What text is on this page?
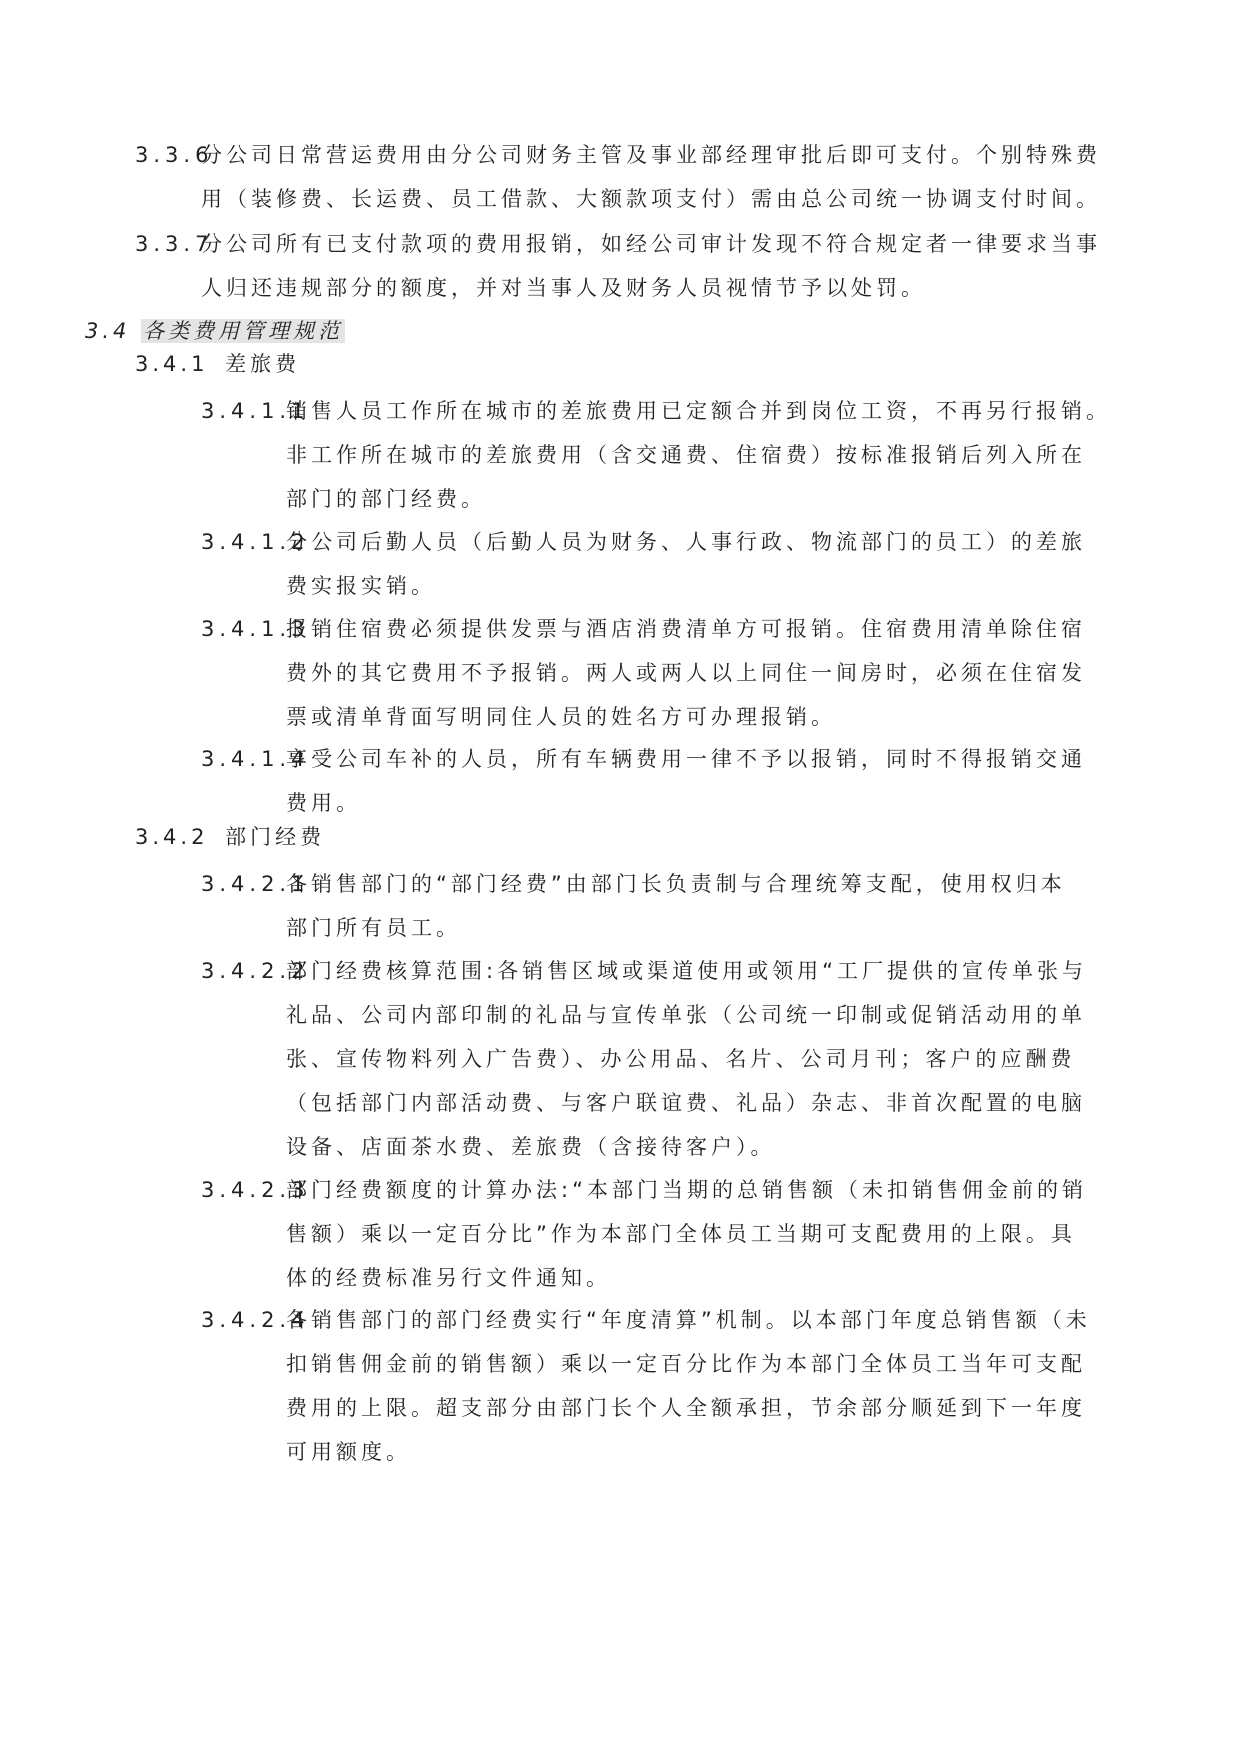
3.3.6
分公司日常营运费用由分公司财务主管及事业部经理审批后即可支付。个别特殊费
用（装修费、长运费、员工借款、大额款项支付）需由总公司统一协调支付时间。
3.3.7
分公司所有已支付款项的费用报销，如经公司审计发现不符合规定者一律要求当事
人归还违规部分的额度，并对当事人及财务人员视情节予以处罚。
3.4 各类费用管理规范
3.4.1 差旅费
3.4.1.1
销售人员工作所在城市的差旅费用已定额合并到岗位工资，不再另行报销。
非工作所在城市的差旅费用（含交通费、住宿费）按标准报销后列入所在
部门的部门经费。
3.4.1.2
分公司后勤人员（后勤人员为财务、人事行政、物流部门的员工）的差旅
费实报实销。
3.4.1.3
报销住宿费必须提供发票与酒店消费清单方可报销。住宿费用清单除住宿
费外的其它费用不予报销。两人或两人以上同住一间房时，必须在住宿发
票或清单背面写明同住人员的姓名方可办理报销。
3.4.1.4
享受公司车补的人员，所有车辆费用一律不予以报销，同时不得报销交通
费用。
3.4.2 部门经费
3.4.2.1
各销售部门的“部门经费”由部门长负责制与合理统筹支配，使用权归本
部门所有员工。
3.4.2.2
部门经费核算范围:各销售区域或渠道使用或领用“工厂提供的宣传单张与
礼品、公司内部印制的礼品与宣传单张（公司统一印制或促销活动用的单
张、宣传物料列入广告费）、办公用品、名片、公司月刊；客户的应酬费
（包括部门内部活动费、与客户联谊费、礼品）杂志、非首次配置的电脑
设备、店面茶水费、差旅费（含接待客户）。
3.4.2.3
部门经费额度的计算办法:“本部门当期的总销售额（未扣销售佣金前的销
售额）乘以一定百分比”作为本部门全体员工当期可支配费用的上限。具
体的经费标准另行文件通知。
3.4.2.4
各销售部门的部门经费实行“年度清算”机制。以本部门年度总销售额（未
扣销售佣金前的销售额）乘以一定百分比作为本部门全体员工当年可支配
费用的上限。超支部分由部门长个人全额承担，节余部分顺延到下一年度
可用额度。
